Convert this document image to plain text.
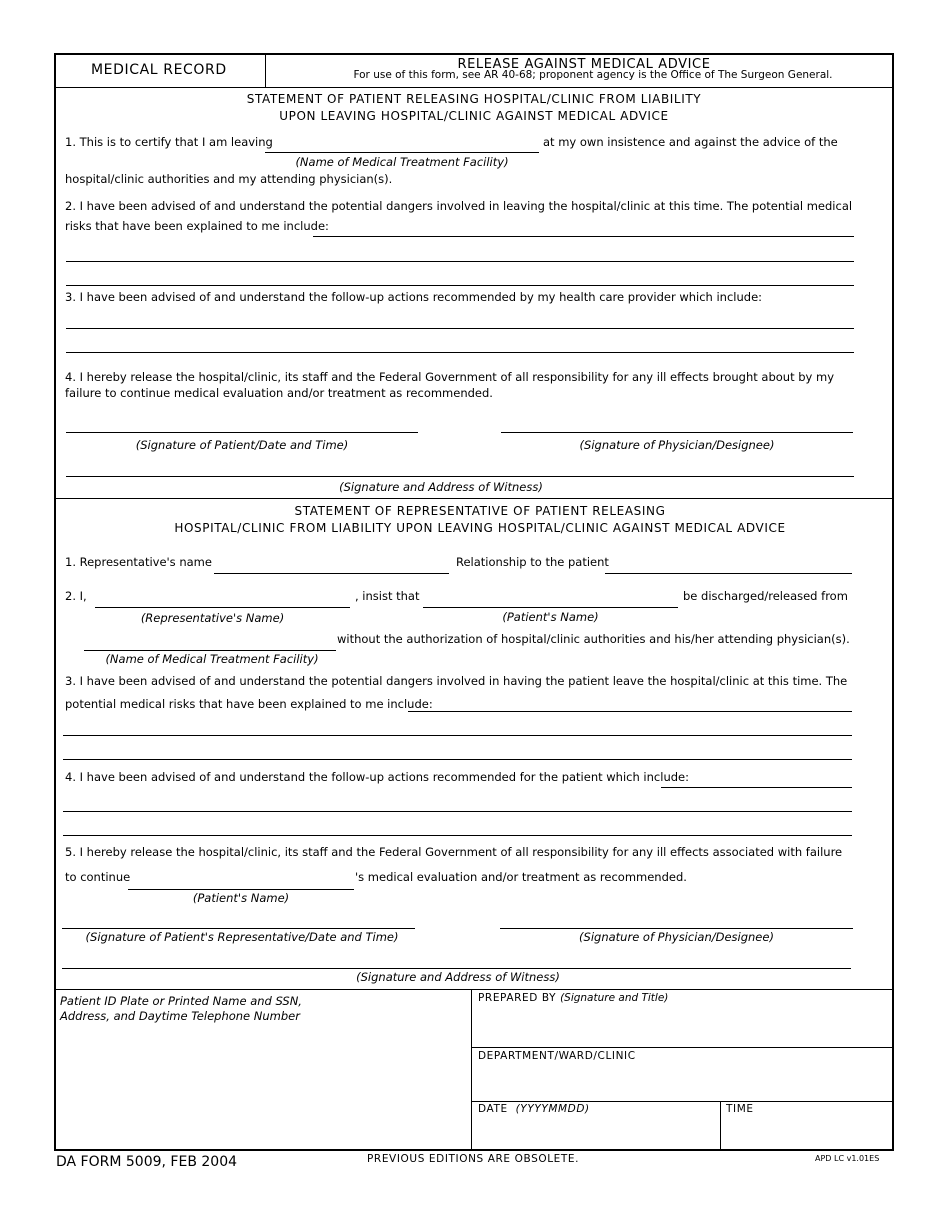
MEDICAL RECORD	RELEASE AGAINST MEDICAL ADVICE
For use of this form, see AR 40-68; proponent agency is the Office of The Surgeon General.
STATEMENT OF PATIENT RELEASING HOSPITAL/CLINIC FROM LIABILITY
UPON LEAVING HOSPITAL/CLINIC AGAINST MEDICAL ADVICE
1. This is to certify that I am leaving	at my own insistence and against the advice of the
(Name of Medical Treatment Facility)
hospital/clinic authorities and my attending physician(s).
2. I have been advised of and understand the potential dangers involved in leaving the hospital/clinic at this time. The potential medical
risks that have been explained to me include:
3. I have been advised of and understand the follow-up actions recommended by my health care provider which include:
4. I hereby release the hospital/clinic, its staff and the Federal Government of all responsibility for any ill effects brought about by my
failure to continue medical evaluation and/or treatment as recommended.
(Signature of Patient/Date and Time)	(Signature of Physician/Designee)
(Signature and Address of Witness)
STATEMENT OF REPRESENTATIVE OF PATIENT RELEASING
HOSPITAL/CLINIC FROM LIABILITY UPON LEAVING HOSPITAL/CLINIC AGAINST MEDICAL ADVICE
1. Representative's name	Relationship to the patient
2. I,	, insist that	be discharged/released from
(Representative's Name)	(Patient's Name)
without the authorization of hospital/clinic authorities and his/her attending physician(s).
(Name of Medical Treatment Facility)
3. I have been advised of and understand the potential dangers involved in having the patient leave the hospital/clinic at this time. The
potential medical risks that have been explained to me include:
4. I have been advised of and understand the follow-up actions recommended for the patient which include:
5. I hereby release the hospital/clinic, its staff and the Federal Government of all responsibility for any ill effects associated with failure
to continue	's medical evaluation and/or treatment as recommended.
(Patient's Name)
(Signature of Patient's Representative/Date and Time)	(Signature of Physician/Designee)
(Signature and Address of Witness)
Patient ID Plate or Printed Name and SSN,
Address, and Daytime Telephone Number
PREPARED BY (Signature and Title)
DEPARTMENT/WARD/CLINIC
DATE (YYYYMMDD)	TIME
DA FORM 5009, FEB 2004	PREVIOUS EDITIONS ARE OBSOLETE.	APD LC v1.01ES
